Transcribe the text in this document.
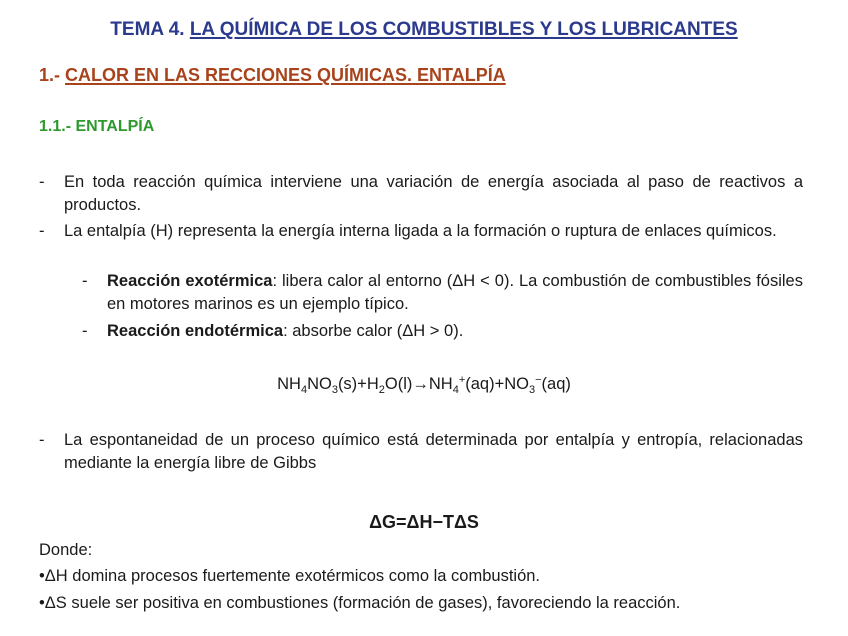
TEMA 4. LA QUÍMICA DE LOS COMBUSTIBLES Y LOS LUBRICANTES
1.- CALOR EN LAS RECCIONES QUÍMICAS. ENTALPÍA
1.1.- ENTALPÍA
- En toda reacción química interviene una variación de energía asociada al paso de reactivos a productos.
- La entalpía (H) representa la energía interna ligada a la formación o ruptura de enlaces químicos.
- Reacción exotérmica: libera calor al entorno (ΔH < 0). La combustión de combustibles fósiles en motores marinos es un ejemplo típico.
- Reacción endotérmica: absorbe calor (ΔH > 0).
$NH_4NO_3(s)+H_2O(l)\to NH_4^+(aq)+NO_3^-(aq)$
- La espontaneidad de un proceso químico está determinada por entalpía y entropía, relacionadas mediante la energía libre de Gibbs
ΔG=ΔH−TΔS
Donde:
•ΔH domina procesos fuertemente exotérmicos como la combustión.
•ΔS suele ser positiva en combustiones (formación de gases), favoreciendo la reacción.
